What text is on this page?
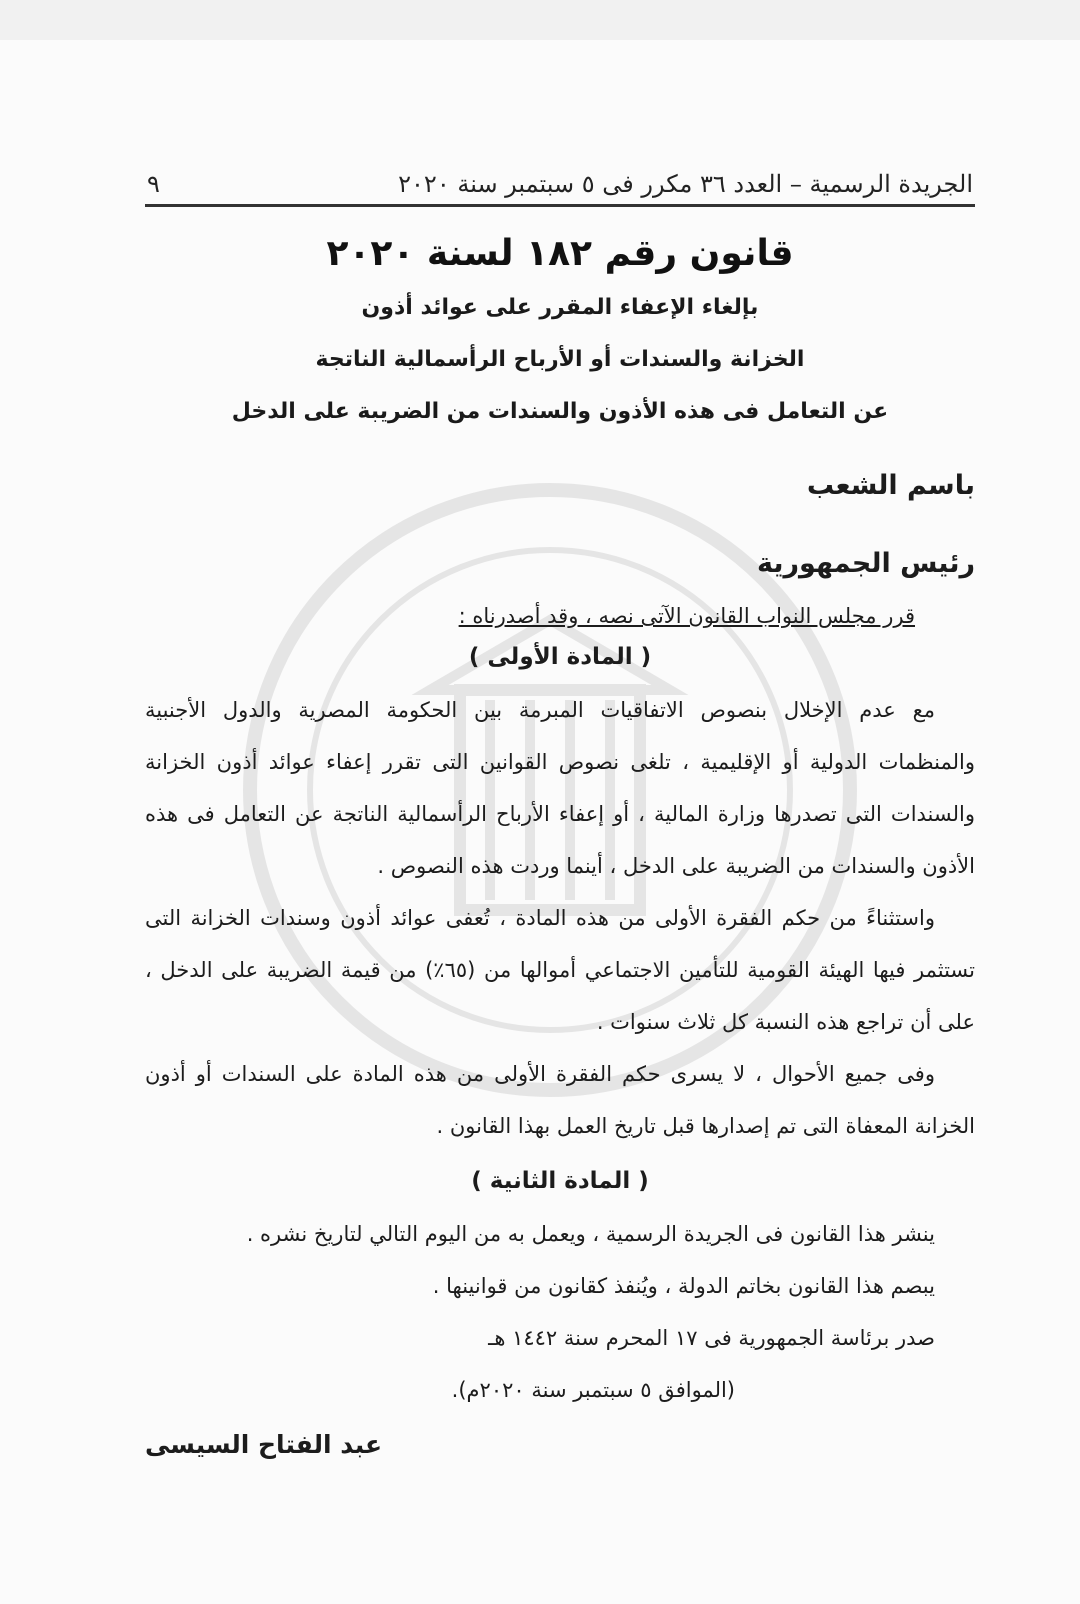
الجريدة الرسمية – العدد ٣٦ مكرر فى ٥ سبتمبر سنة ٢٠٢٠
٩
قانون رقم ١٨٢ لسنة ٢٠٢٠
بإلغاء الإعفاء المقرر على عوائد أذون
الخزانة والسندات أو الأرباح الرأسمالية الناتجة
عن التعامل فى هذه الأذون والسندات من الضريبة على الدخل
باسم الشعب
رئيس الجمهورية
قرر مجلس النواب القانون الآتى نصه ، وقد أصدرناه :
( المادة الأولى )

مع عدم الإخلال بنصوص الاتفاقيات المبرمة بين الحكومة المصرية والدول الأجنبية والمنظمات الدولية أو الإقليمية ، تلغى نصوص القوانين التى تقرر إعفاء عوائد أذون الخزانة والسندات التى تصدرها وزارة المالية ، أو إعفاء الأرباح الرأسمالية الناتجة عن التعامل فى هذه الأذون والسندات من الضريبة على الدخل ، أينما وردت هذه النصوص .

واستثناءً من حكم الفقرة الأولى من هذه المادة ، تُعفى عوائد أذون وسندات الخزانة التى تستثمر فيها الهيئة القومية للتأمين الاجتماعي أموالها من (٦٥٪) من قيمة الضريبة على الدخل ، على أن تراجع هذه النسبة كل ثلاث سنوات .

وفى جميع الأحوال ، لا يسرى حكم الفقرة الأولى من هذه المادة على السندات أو أذون الخزانة المعفاة التى تم إصدارها قبل تاريخ العمل بهذا القانون .

( المادة الثانية )

ينشر هذا القانون فى الجريدة الرسمية ، ويعمل به من اليوم التالي لتاريخ نشره .

يبصم هذا القانون بخاتم الدولة ، ويُنفذ كقانون من قوانينها .

صدر برئاسة الجمهورية فى ١٧ المحرم سنة ١٤٤٢ هـ

(الموافق ٥ سبتمبر سنة ٢٠٢٠م).

عبد الفتاح السيسى
